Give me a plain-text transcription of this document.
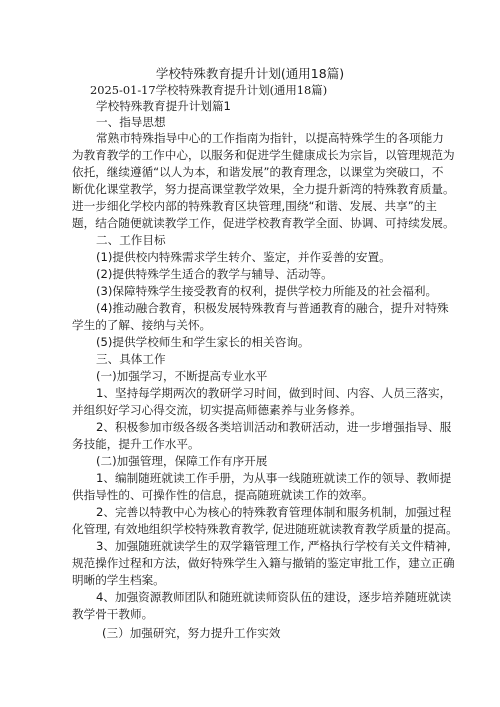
学校特殊教育提升计划(通用18篇)
2025-01-17学校特殊教育提升计划(通用18篇)
学校特殊教育提升计划篇1
一、指导思想
常熟市特殊指导中心的工作指南为指针，以提高特殊学生的各项能力
为教育教学的工作中心，以服务和促进学生健康成长为宗旨，以管理规范为
依托，继续遵循“以人为本，和谐发展”的教育理念，以课堂为突破口，不
断优化课堂教学，努力提高课堂教学效果，全力提升新湾的特殊教育质量。
进一步细化学校内部的特殊教育区块管理,围绕“和谐、发展、共享”的主
题，结合随便就读教学工作，促进学校教育教学全面、协调、可持续发展。
二、工作目标
(1)提供校内特殊需求学生转介、鉴定，并作妥善的安置。
(2)提供特殊学生适合的教学与辅导、活动等。
(3)保障特殊学生接受教育的权利，提供学校力所能及的社会福利。
(4)推动融合教育，积极发展特殊教育与普通教育的融合，提升对特殊
学生的了解、接纳与关怀。
(5)提供学校师生和学生家长的相关咨询。
三、具体工作
(一)加强学习，不断提高专业水平
1、坚持每学期两次的教研学习时间，做到时间、内容、人员三落实，
并组织好学习心得交流，切实提高师德素养与业务修养。
2、积极参加市级各级各类培训活动和教研活动，进一步增强指导、服
务技能，提升工作水平。
(二)加强管理，保障工作有序开展
1、编制随班就读工作手册，为从事一线随班就读工作的领导、教师提
供指导性的、可操作性的信息，提高随班就读工作的效率。
2、完善以特教中心为核心的特殊教育管理体制和服务机制，加强过程
化管理, 有效地组织学校特殊教育教学, 促进随班就读教育教学质量的提高。
3、加强随班就读学生的双学籍管理工作, 严格执行学校有关文件精神,
规范操作过程和方法，做好特殊学生入籍与撤销的鉴定审批工作，建立正确
明晰的学生档案。
4、加强资源教师团队和随班就读师资队伍的建设，逐步培养随班就读
教学骨干教师。
(三）加强研究，努力提升工作实效
